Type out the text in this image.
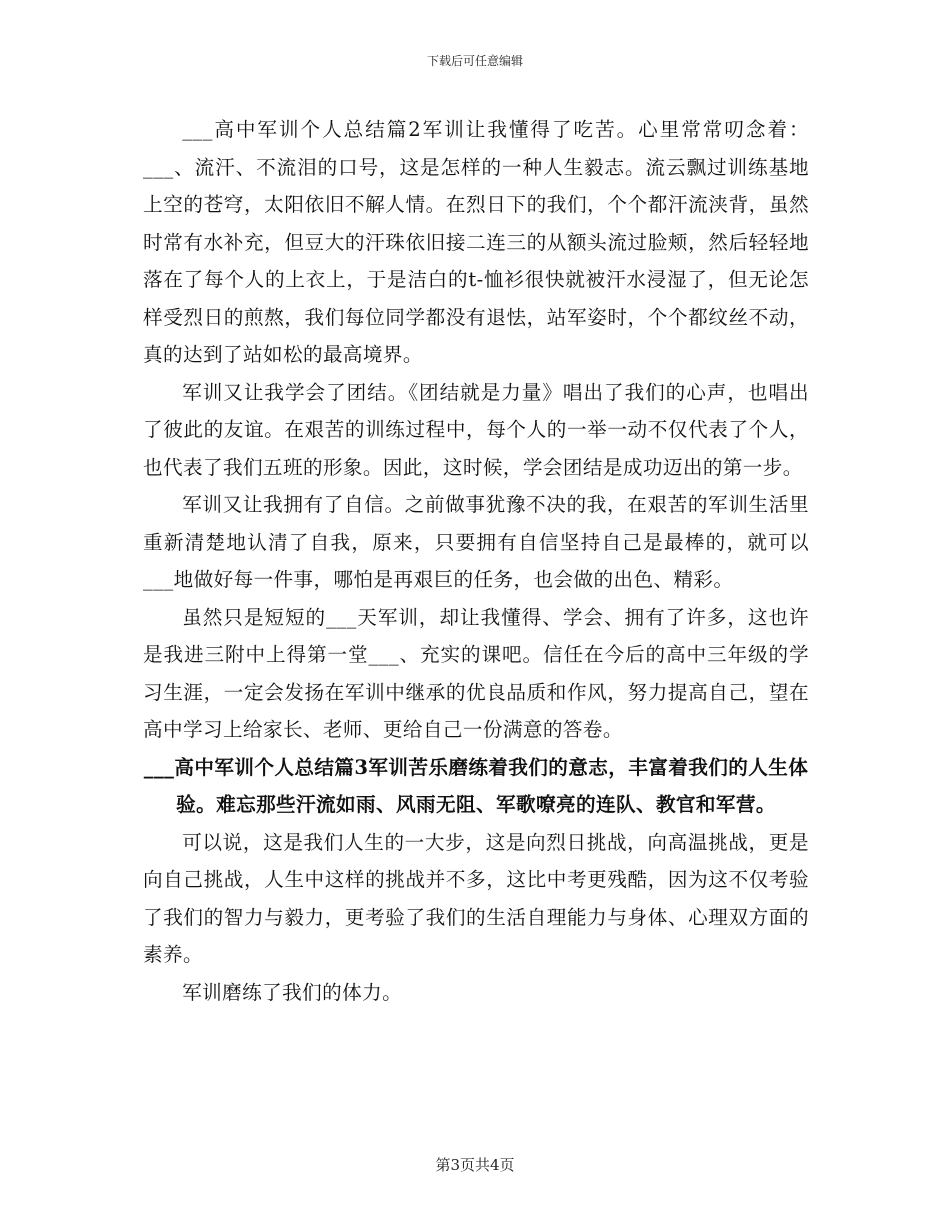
下载后可任意编辑

___高中军训个人总结篇2军训让我懂得了吃苦。心里常常叨念着：___、流汗、不流泪的口号，这是怎样的一种人生毅志。流云飘过训练基地上空的苍穹，太阳依旧不解人情。在烈日下的我们，个个都汗流浃背，虽然时常有水补充，但豆大的汗珠依旧接二连三的从额头流过脸颊，然后轻轻地落在了每个人的上衣上，于是洁白的t-恤衫很快就被汗水浸湿了，但无论怎样受烈日的煎熬，我们每位同学都没有退怯，站军姿时，个个都纹丝不动，真的达到了站如松的最高境界。

军训又让我学会了团结。《团结就是力量》唱出了我们的心声，也唱出了彼此的友谊。在艰苦的训练过程中，每个人的一举一动不仅代表了个人，也代表了我们五班的形象。因此，这时候，学会团结是成功迈出的第一步。

军训又让我拥有了自信。之前做事犹豫不决的我，在艰苦的军训生活里重新清楚地认清了自我，原来，只要拥有自信坚持自己是最棒的，就可以___地做好每一件事，哪怕是再艰巨的任务，也会做的出色、精彩。

虽然只是短短的___天军训，却让我懂得、学会、拥有了许多，这也许是我进三附中上得第一堂___、充实的课吧。信任在今后的高中三年级的学习生涯，一定会发扬在军训中继承的优良品质和作风，努力提高自己，望在高中学习上给家长、老师、更给自己一份满意的答卷。

___高中军训个人总结篇3军训苦乐磨练着我们的意志，丰富着我们的人生体验。难忘那些汗流如雨、风雨无阻、军歌嘹亮的连队、教官和军营。

可以说，这是我们人生的一大步，这是向烈日挑战，向高温挑战，更是向自己挑战，人生中这样的挑战并不多，这比中考更残酷，因为这不仅考验了我们的智力与毅力，更考验了我们的生活自理能力与身体、心理双方面的素养。

军训磨练了我们的体力。

第3页共4页
